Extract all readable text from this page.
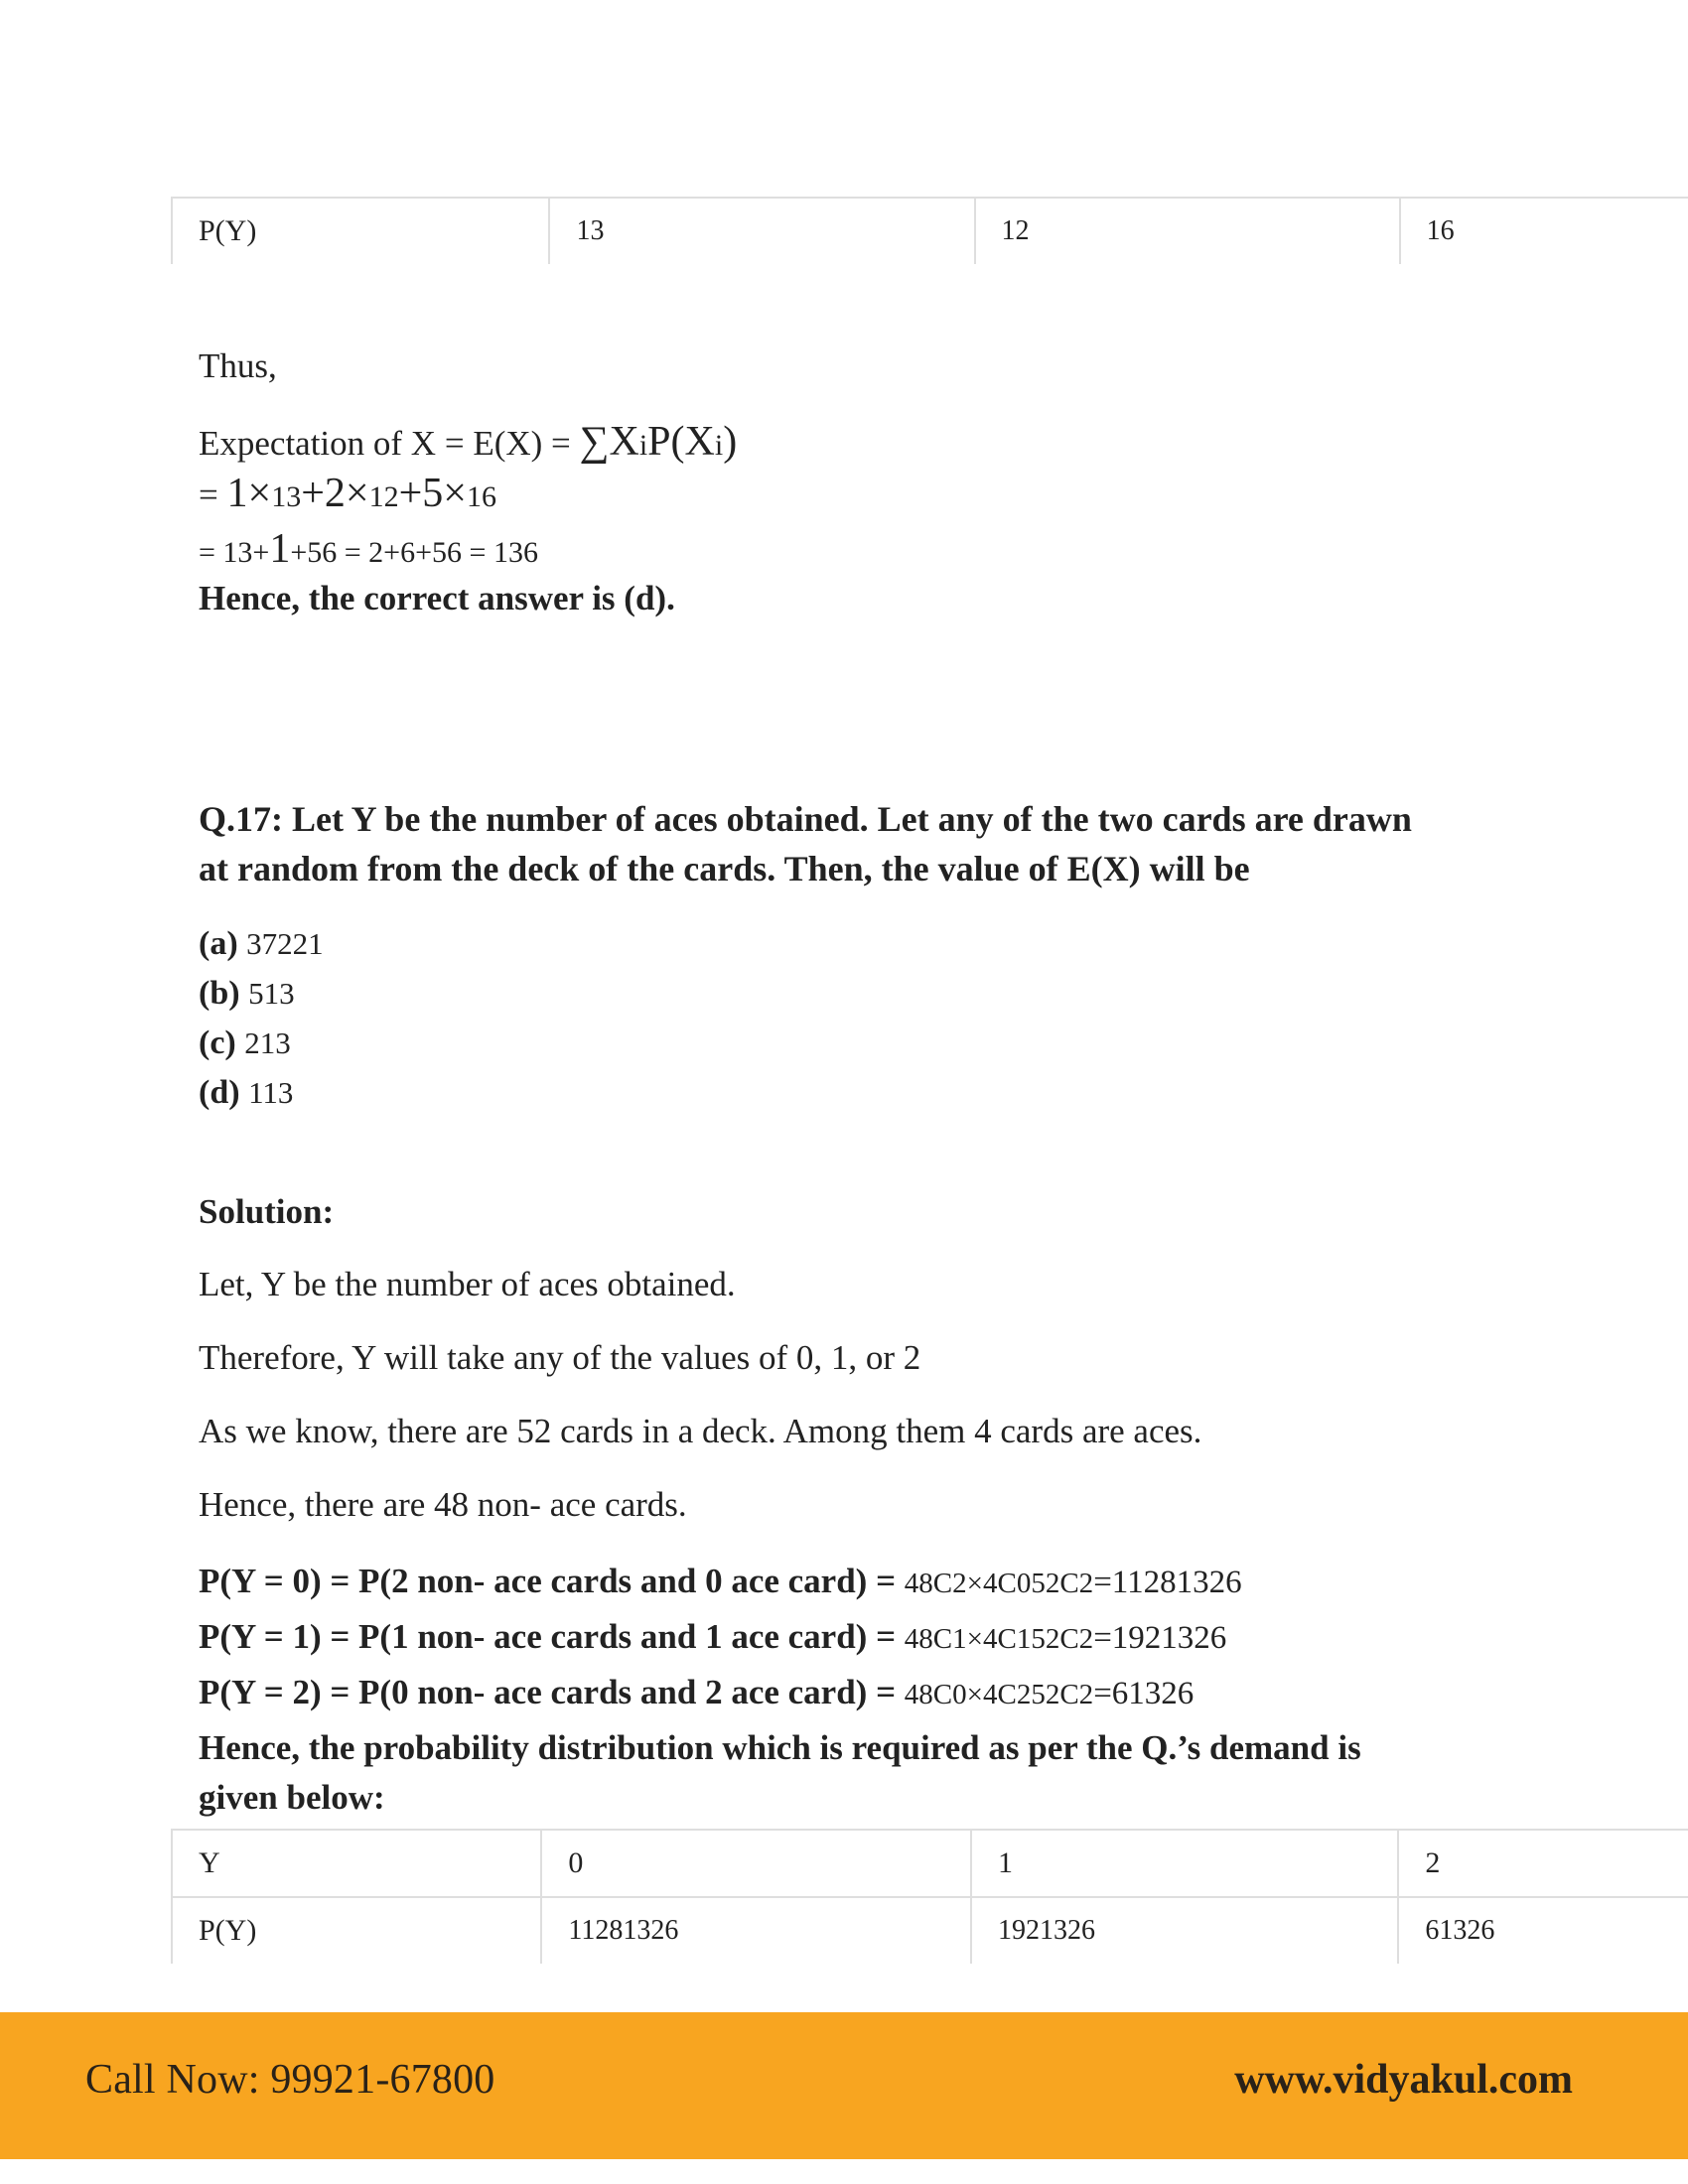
P(Y)	13	12	16
Thus,
Expectation of X = E(X) = ∑XiP(Xi)
= 1×13+2×12+5×16
= 13+1+56 = 2+6+56 = 136
Hence, the correct answer is (d).
Q.17: Let Y be the number of aces obtained. Let any of the two cards are drawn
at random from the deck of the cards. Then, the value of E(X) will be
(a) 37221
(b) 513
(c) 213
(d) 113
Solution:
Let, Y be the number of aces obtained.
Therefore, Y will take any of the values of 0, 1, or 2
As we know, there are 52 cards in a deck. Among them 4 cards are aces.
Hence, there are 48 non- ace cards.
P(Y = 0) = P(2 non- ace cards and 0 ace card) = 48C2×4C052C2=11281326
P(Y = 1) = P(1 non- ace cards and 1 ace card) = 48C1×4C152C2=1921326
P(Y = 2) = P(0 non- ace cards and 2 ace card) = 48C0×4C252C2=61326
Hence, the probability distribution which is required as per the Q.’s demand is
given below:
Y	0	1	2
P(Y)	11281326	1921326	61326
Call Now: 99921-67800	www.vidyakul.com
